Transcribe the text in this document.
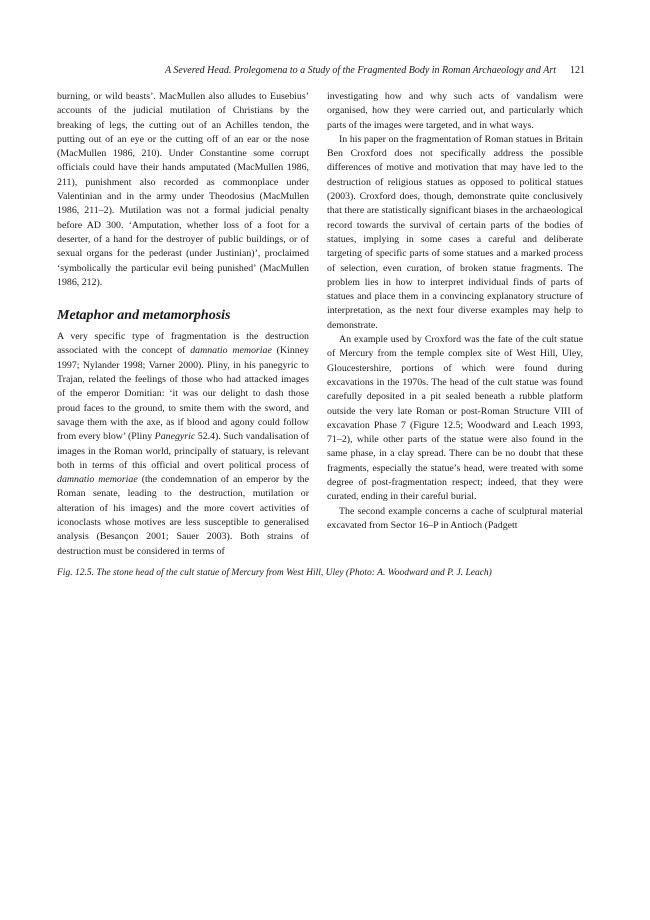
A Severed Head. Prolegomena to a Study of the Fragmented Body in Roman Archaeology and Art 121

burning, or wild beasts’. MacMullen also alludes to Eusebius’ accounts of the judicial mutilation of Christians by the breaking of legs, the cutting out of an Achilles tendon, the putting out of an eye or the cutting off of an ear or the nose (MacMullen 1986, 210). Under Constantine some corrupt officials could have their hands amputated (MacMullen 1986, 211), punishment also recorded as commonplace under Valentinian and in the army under Theodosius (MacMullen 1986, 211–2). Mutilation was not a formal judicial penalty before AD 300. ‘Amputation, whether loss of a foot for a deserter, of a hand for the destroyer of public buildings, or of sexual organs for the pederast (under Justinian)’, proclaimed ‘symbolically the particular evil being punished’ (MacMullen 1986, 212).

Metaphor and metamorphosis

A very specific type of fragmentation is the destruction associated with the concept of damnatio memoriae (Kinney 1997; Nylander 1998; Varner 2000). Pliny, in his panegyric to Trajan, related the feelings of those who had attacked images of the emperor Domitian: ‘it was our delight to dash those proud faces to the ground, to smite them with the sword, and savage them with the axe, as if blood and agony could follow from every blow’ (Pliny Panegyric 52.4). Such vandalisation of images in the Roman world, principally of statuary, is relevant both in terms of this official and overt political process of damnatio memoriae (the condemnation of an emperor by the Roman senate, leading to the destruction, mutilation or alteration of his images) and the more covert activities of iconoclasts whose motives are less susceptible to generalised analysis (Besançon 2001; Sauer 2003). Both strains of destruction must be considered in terms of

investigating how and why such acts of vandalism were organised, how they were carried out, and particularly which parts of the images were targeted, and in what ways.

In his paper on the fragmentation of Roman statues in Britain Ben Croxford does not specifically address the possible differences of motive and motivation that may have led to the destruction of religious statues as opposed to political statues (2003). Croxford does, though, demonstrate quite conclusively that there are statistically significant biases in the archaeological record towards the survival of certain parts of the bodies of statues, implying in some cases a careful and deliberate targeting of specific parts of some statues and a marked process of selection, even curation, of broken statue fragments. The problem lies in how to interpret individual finds of parts of statues and place them in a convincing explanatory structure of interpretation, as the next four diverse examples may help to demonstrate.

An example used by Croxford was the fate of the cult statue of Mercury from the temple complex site of West Hill, Uley, Gloucestershire, portions of which were found during excavations in the 1970s. The head of the cult statue was found carefully deposited in a pit sealed beneath a rubble platform outside the very late Roman or post-Roman Structure VIII of excavation Phase 7 (Figure 12.5; Woodward and Leach 1993, 71–2), while other parts of the statue were also found in the same phase, in a clay spread. There can be no doubt that these fragments, especially the statue’s head, were treated with some degree of post-fragmentation respect; indeed, that they were curated, ending in their careful burial.

The second example concerns a cache of sculptural material excavated from Sector 16–P in Antioch (Padgett

Fig. 12.5. The stone head of the cult statue of Mercury from West Hill, Uley (Photo: A. Woodward and P. J. Leach)
